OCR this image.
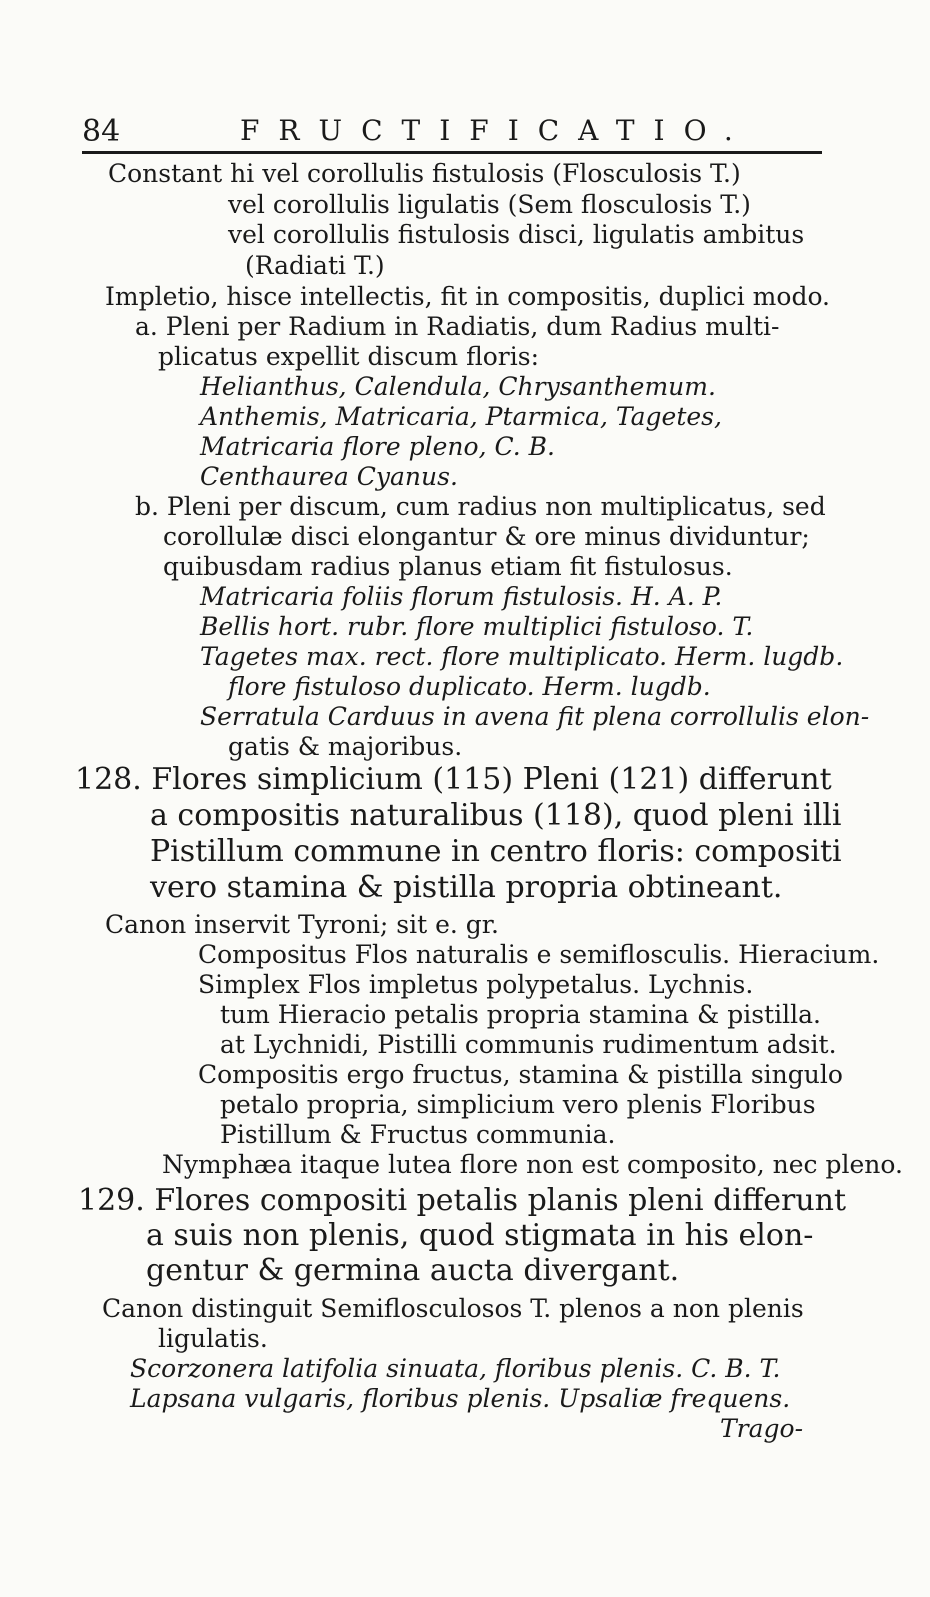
84	FRUCTIFICATIO.
Constant hi vel corollulis fistulosis (Flosculosis T.)
vel corollulis ligulatis (Sem flosculosis T.)
vel corollulis fistulosis disci, ligulatis ambitus
(Radiati T.)
Impletio, hisce intellectis, fit in compositis, duplici modo.
a. Pleni per Radium in Radiatis, dum Radius multi-
plicatus expellit discum floris:
Helianthus, Calendula, Chrysanthemum.
Anthemis, Matricaria, Ptarmica, Tagetes,
Matricaria flore pleno, C. B.
Centhaurea Cyanus.
b. Pleni per discum, cum radius non multiplicatus, sed
corollulæ disci elongantur & ore minus dividuntur;
quibusdam radius planus etiam fit fistulosus.
Matricaria foliis florum fistulosis. H. A. P.
Bellis hort. rubr. flore multiplici fistuloso. T.
Tagetes max. rect. flore multiplicato. Herm. lugdb.
flore fistuloso duplicato. Herm. lugdb.
Serratula Carduus in avena fit plena corrollulis elon-
gatis & majoribus.
128. Flores simplicium (115) Pleni (121) differunt
a compositis naturalibus (118), quod pleni illi
Pistillum commune in centro floris: compositi
vero stamina & pistilla propria obtineant.
Canon inservit Tyroni; sit e. gr.
Compositus Flos naturalis e semiflosculis. Hieracium.
Simplex Flos impletus polypetalus. Lychnis.
tum Hieracio petalis propria stamina & pistilla.
at Lychnidi, Pistilli communis rudimentum adsit.
Compositis ergo fructus, stamina & pistilla singulo
petalo propria, simplicium vero plenis Floribus
Pistillum & Fructus communia.
Nymphæa itaque lutea flore non est composito, nec pleno.
129. Flores compositi petalis planis pleni differunt
a suis non plenis, quod stigmata in his elon-
gentur & germina aucta divergant.
Canon distinguit Semiflosculosos T. plenos a non plenis
ligulatis.
Scorzonera latifolia sinuata, floribus plenis. C. B. T.
Lapsana vulgaris, floribus plenis. Upsaliæ frequens.
Trago-
